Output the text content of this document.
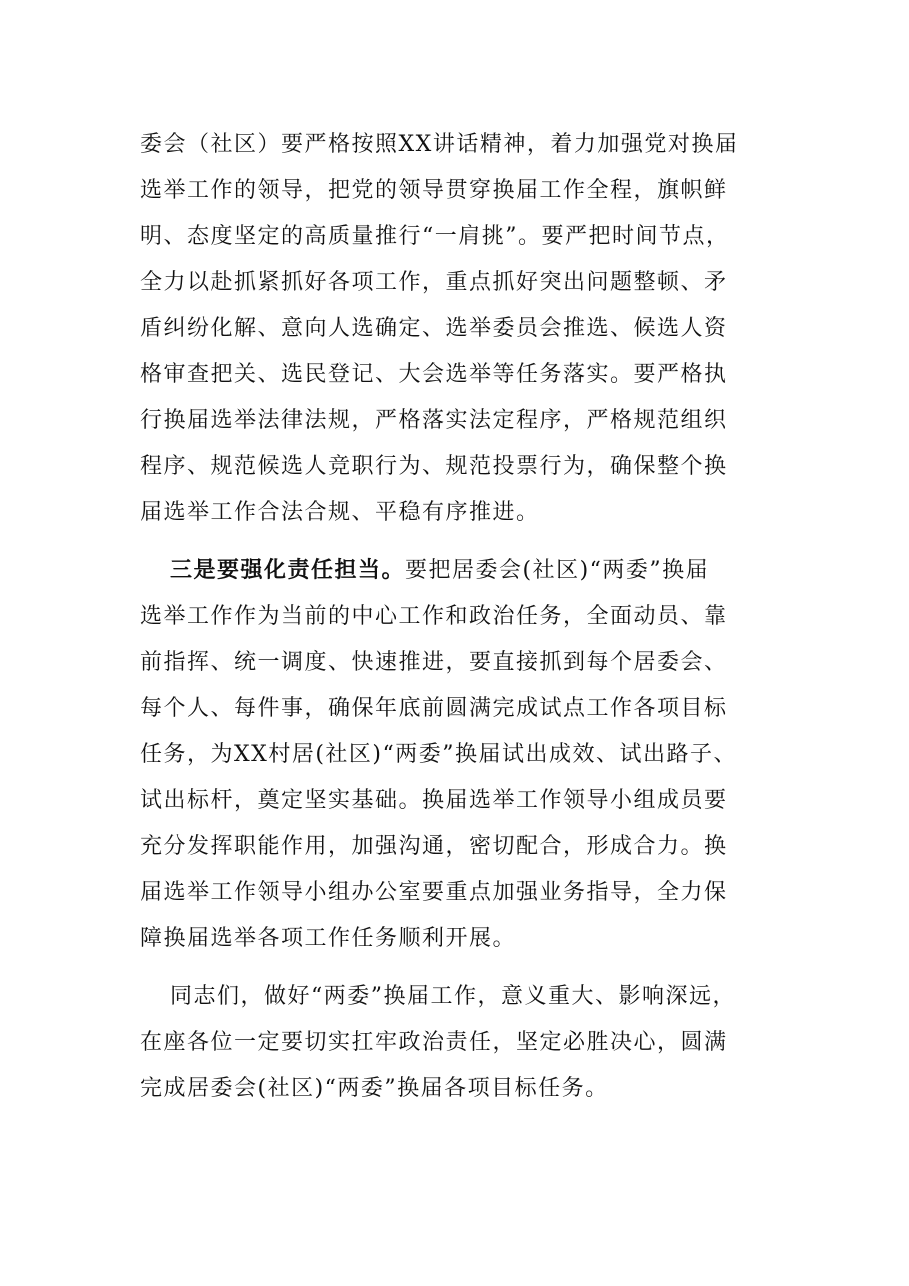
委会（社区）要严格按照XX讲话精神，着力加强党对换届
选举工作的领导，把党的领导贯穿换届工作全程，旗帜鲜
明、态度坚定的高质量推行“一肩挑”。要严把时间节点，
全力以赴抓紧抓好各项工作，重点抓好突出问题整顿、矛
盾纠纷化解、意向人选确定、选举委员会推选、候选人资
格审查把关、选民登记、大会选举等任务落实。要严格执
行换届选举法律法规，严格落实法定程序，严格规范组织
程序、规范候选人竞职行为、规范投票行为，确保整个换
届选举工作合法合规、平稳有序推进。
三是要强化责任担当。要把居委会(社区)“两委”换届
选举工作作为当前的中心工作和政治任务，全面动员、靠
前指挥、统一调度、快速推进，要直接抓到每个居委会、
每个人、每件事，确保年底前圆满完成试点工作各项目标
任务，为XX村居(社区)“两委”换届试出成效、试出路子、
试出标杆，奠定坚实基础。换届选举工作领导小组成员要
充分发挥职能作用，加强沟通，密切配合，形成合力。换
届选举工作领导小组办公室要重点加强业务指导，全力保
障换届选举各项工作任务顺利开展。
同志们，做好“两委”换届工作，意义重大、影响深远，
在座各位一定要切实扛牢政治责任，坚定必胜决心，圆满
完成居委会(社区)“两委”换届各项目标任务。
